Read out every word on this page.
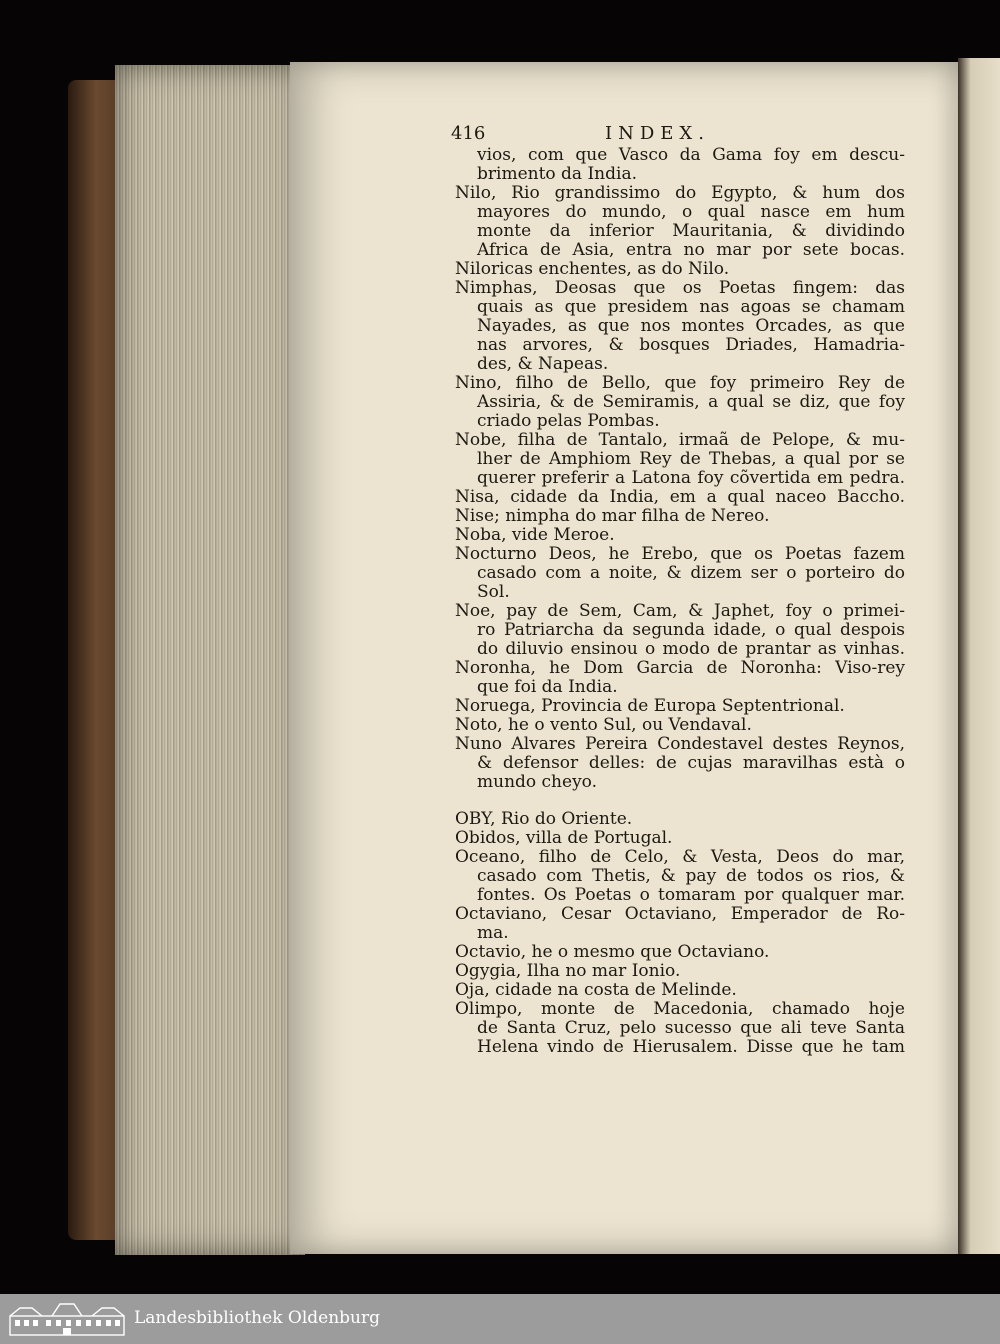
416	INDEX.
vios, com que Vasco da Gama foy em descu-
brimento da India.
Nilo, Rio grandissimo do Egypto, & hum dos
mayores do mundo, o qual nasce em hum
monte da inferior Mauritania, & dividindo
Africa de Asia, entra no mar por sete bocas.
Niloricas enchentes, as do Nilo.
Nimphas, Deosas que os Poetas fingem: das
quais as que presidem nas agoas se chamam
Nayades, as que nos montes Orcades, as que
nas arvores, & bosques Driades, Hamadria-
des, & Napeas.
Nino, filho de Bello, que foy primeiro Rey de
Assiria, & de Semiramis, a qual se diz, que foy
criado pelas Pombas.
Nobe, filha de Tantalo, irmaã de Pelope, & mu-
lher de Amphiom Rey de Thebas, a qual por se
querer preferir a Latona foy cõvertida em pedra.
Nisa, cidade da India, em a qual naceo Baccho.
Nise; nimpha do mar filha de Nereo.
Noba, vide Meroe.
Nocturno Deos, he Erebo, que os Poetas fazem
casado com a noite, & dizem ser o porteiro do
Sol.
Noe, pay de Sem, Cam, & Japhet, foy o primei-
ro Patriarcha da segunda idade, o qual despois
do diluvio ensinou o modo de prantar as vinhas.
Noronha, he Dom Garcia de Noronha: Viso-rey
que foi da India.
Noruega, Provincia de Europa Septentrional.
Noto, he o vento Sul, ou Vendaval.
Nuno Alvares Pereira Condestavel destes Reynos,
& defensor delles: de cujas maravilhas està o
mundo cheyo.
OBY, Rio do Oriente.
Obidos, villa de Portugal.
Oceano, filho de Celo, & Vesta, Deos do mar,
casado com Thetis, & pay de todos os rios, &
fontes. Os Poetas o tomaram por qualquer mar.
Octaviano, Cesar Octaviano, Emperador de Ro-
ma.
Octavio, he o mesmo que Octaviano.
Ogygia, Ilha no mar Ionio.
Oja, cidade na costa de Melinde.
Olimpo, monte de Macedonia, chamado hoje
de Santa Cruz, pelo sucesso que ali teve Santa
Helena vindo de Hierusalem. Disse que he tam
Landesbibliothek Oldenburg
